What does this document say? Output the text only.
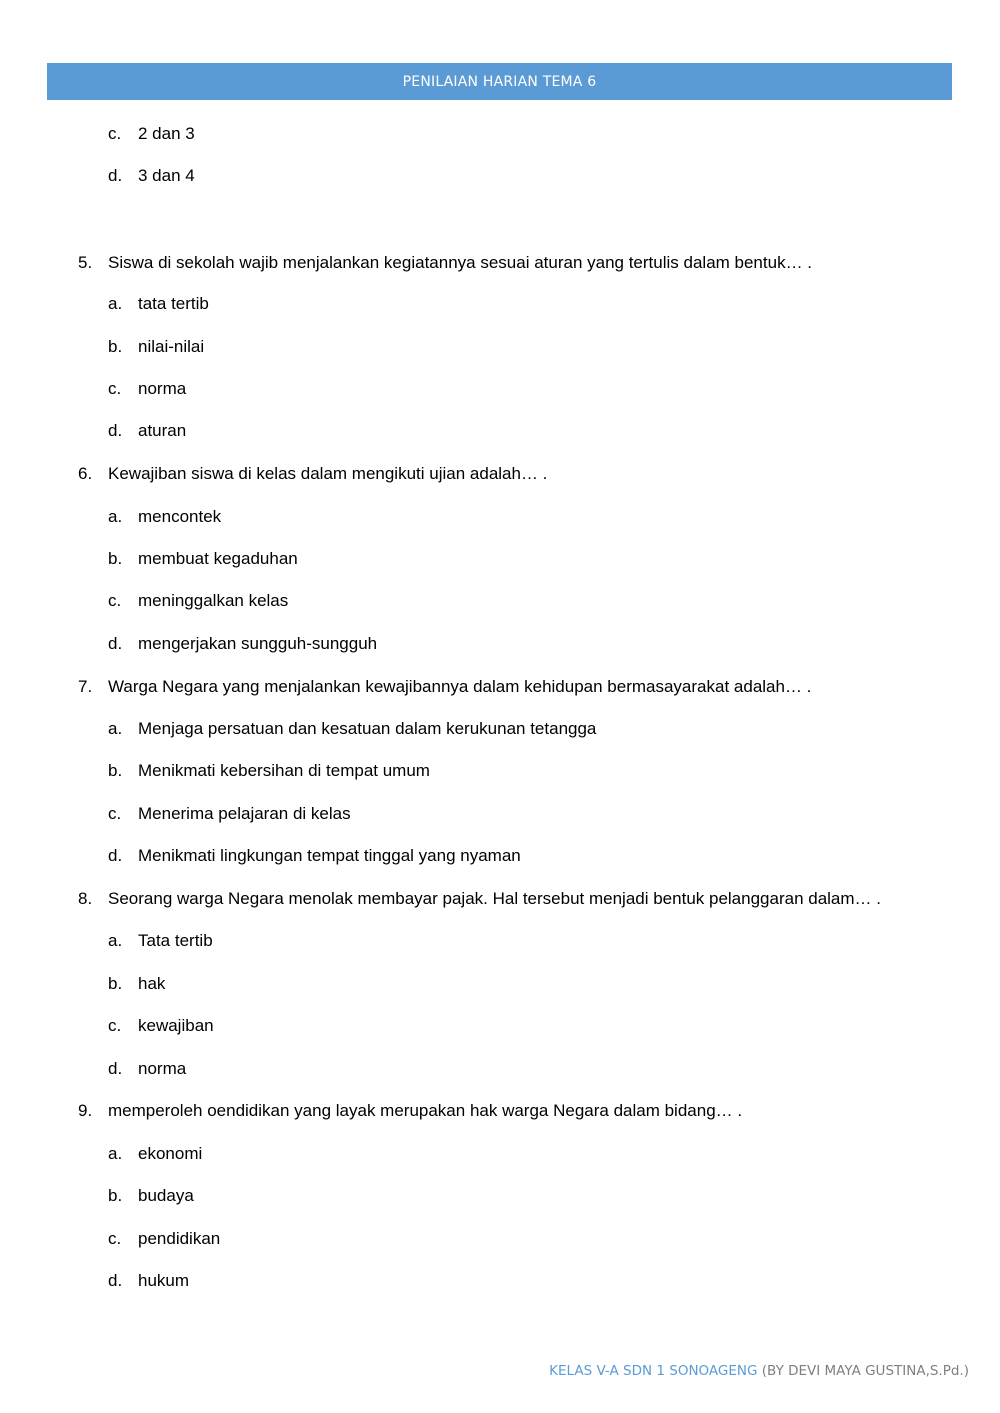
PENILAIAN HARIAN TEMA 6
c. 2 dan 3
d. 3 dan 4
5. Siswa di sekolah wajib menjalankan kegiatannya sesuai aturan yang tertulis dalam bentuk… .
a. tata tertib
b. nilai-nilai
c. norma
d. aturan
6. Kewajiban siswa di kelas dalam mengikuti ujian adalah… .
a. mencontek
b. membuat kegaduhan
c. meninggalkan kelas
d. mengerjakan sungguh-sungguh
7. Warga Negara yang menjalankan kewajibannya dalam kehidupan bermasayarakat adalah… .
a. Menjaga persatuan dan kesatuan dalam kerukunan tetangga
b. Menikmati kebersihan di tempat umum
c. Menerima pelajaran di kelas
d. Menikmati lingkungan tempat tinggal yang nyaman
8. Seorang warga Negara menolak membayar pajak. Hal tersebut menjadi bentuk pelanggaran dalam… .
a. Tata tertib
b. hak
c. kewajiban
d. norma
9. memperoleh oendidikan yang layak merupakan hak warga Negara dalam bidang… .
a. ekonomi
b. budaya
c. pendidikan
d. hukum
KELAS V-A SDN 1 SONOAGENG (BY DEVI MAYA GUSTINA,S.Pd.)
